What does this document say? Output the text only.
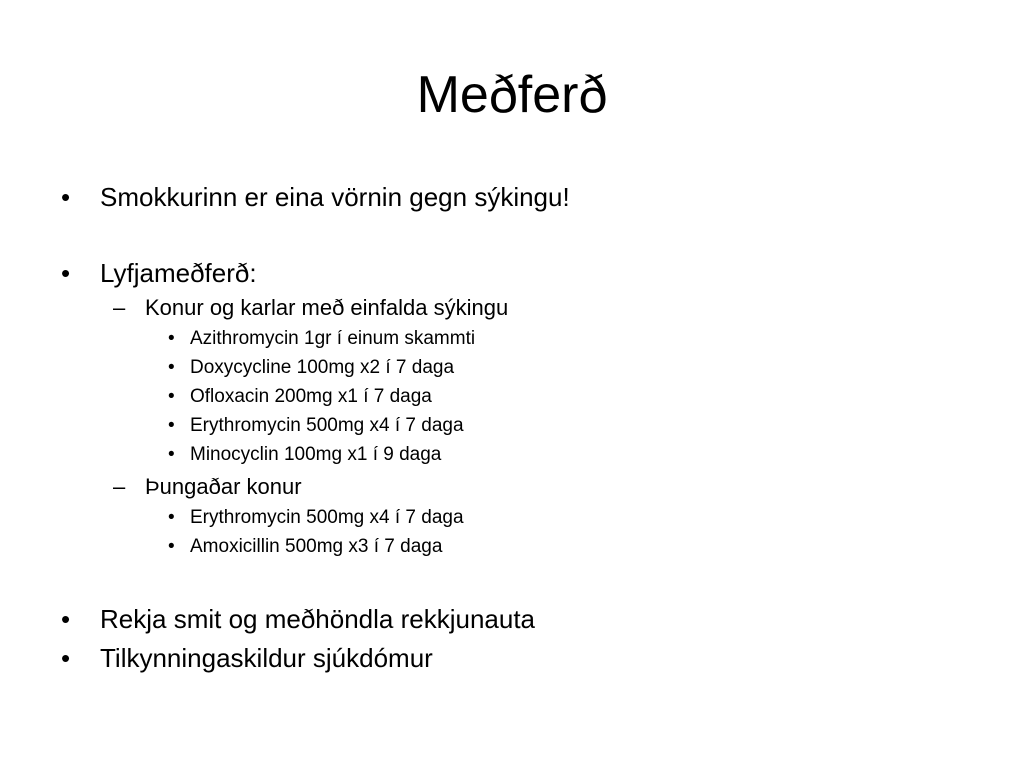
Meðferð
• Smokkurinn er eina vörnin gegn sýkingu!
• Lyfjameðferð:
– Konur og karlar með einfalda sýkingu
• Azithromycin 1gr í einum skammti
• Doxycycline 100mg x2 í 7 daga
• Ofloxacin 200mg x1 í 7 daga
• Erythromycin 500mg x4 í 7 daga
• Minocyclin 100mg x1 í 9 daga
– Þungaðar konur
• Erythromycin 500mg x4 í 7 daga
• Amoxicillin 500mg x3 í 7 daga
• Rekja smit og meðhöndla rekkjunauta
• Tilkynningaskildur sjúkdómur
